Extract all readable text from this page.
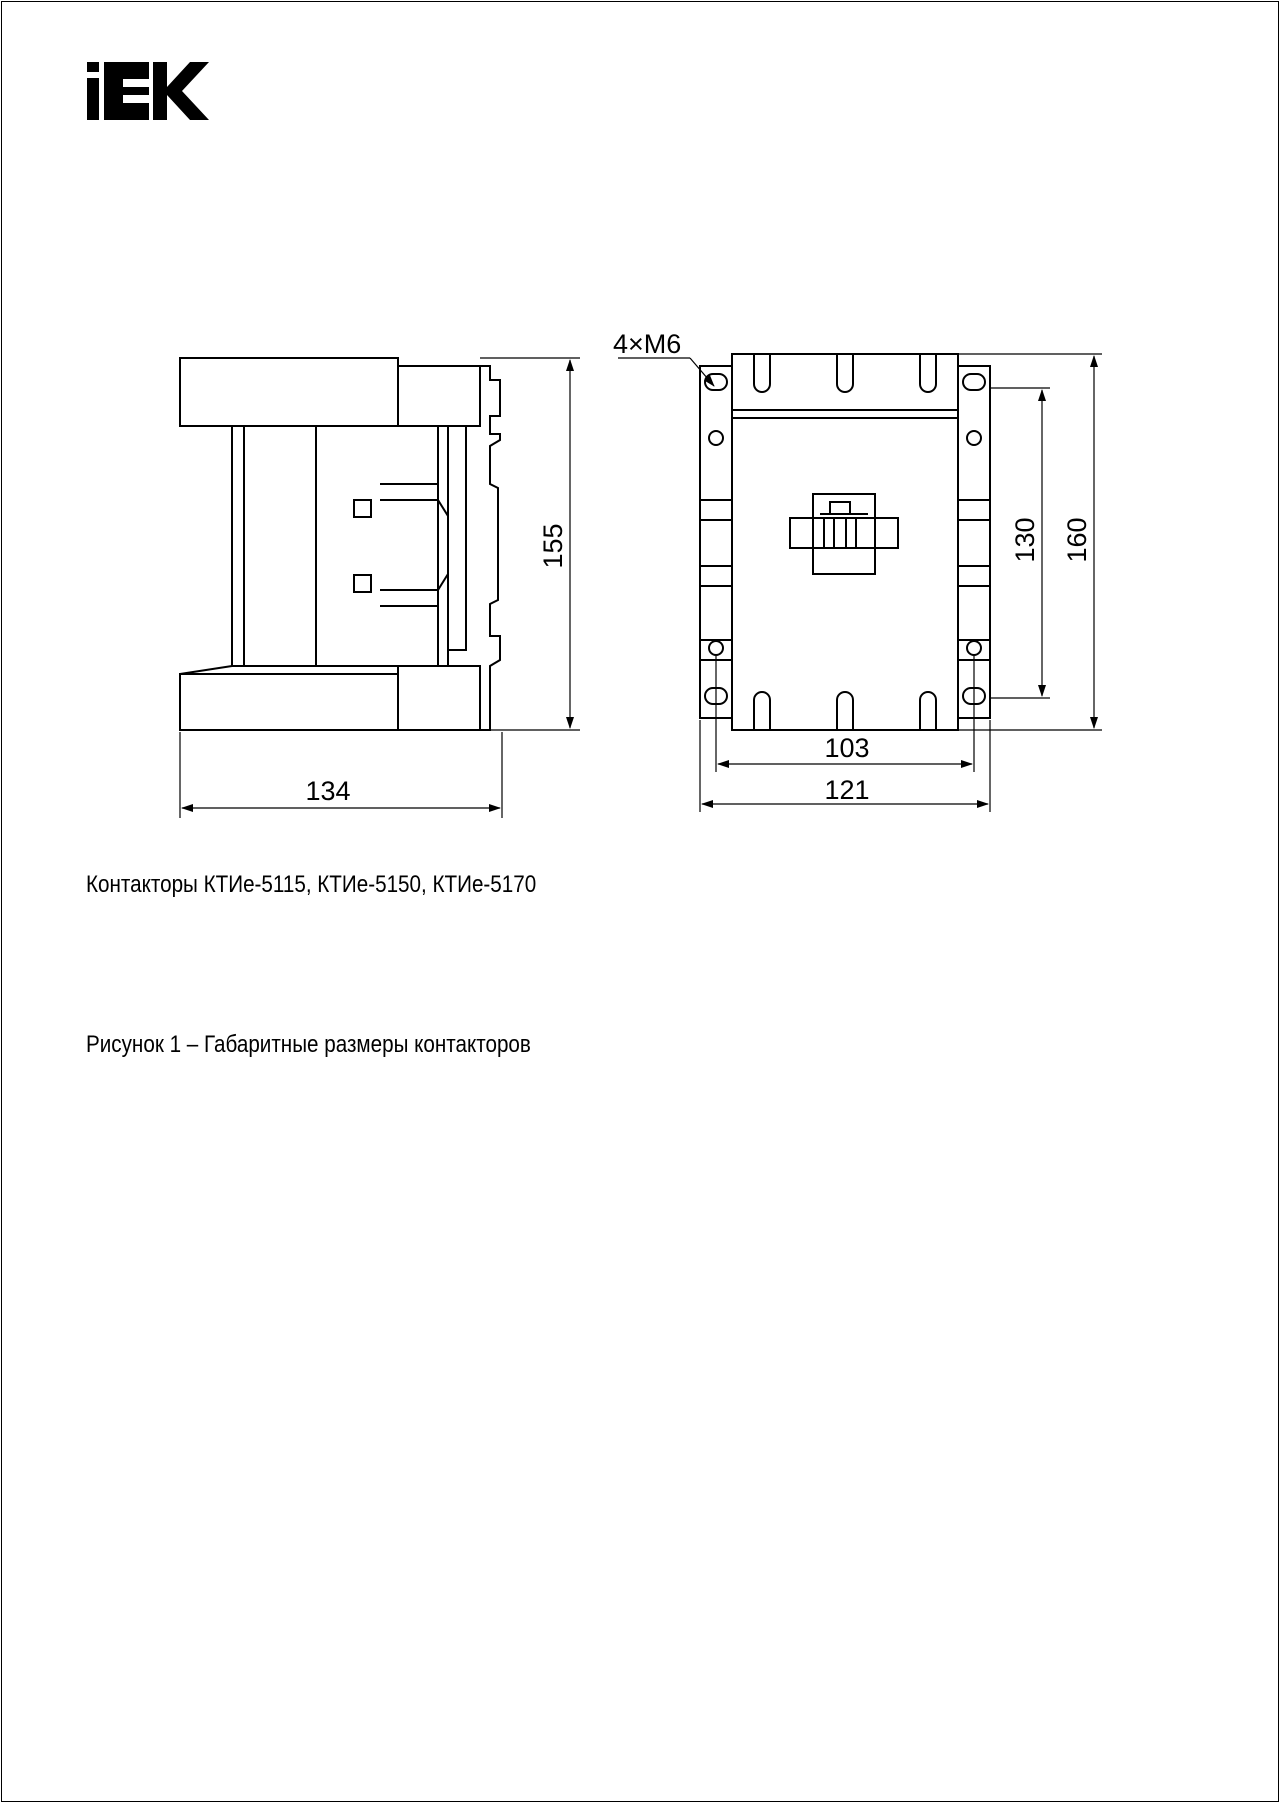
155
134
4×М6
130 160
103
121
Контакторы КТИе-5115, КТИе-5150, КТИе-5170
Рисунок 1 – Габаритные размеры контакторов
